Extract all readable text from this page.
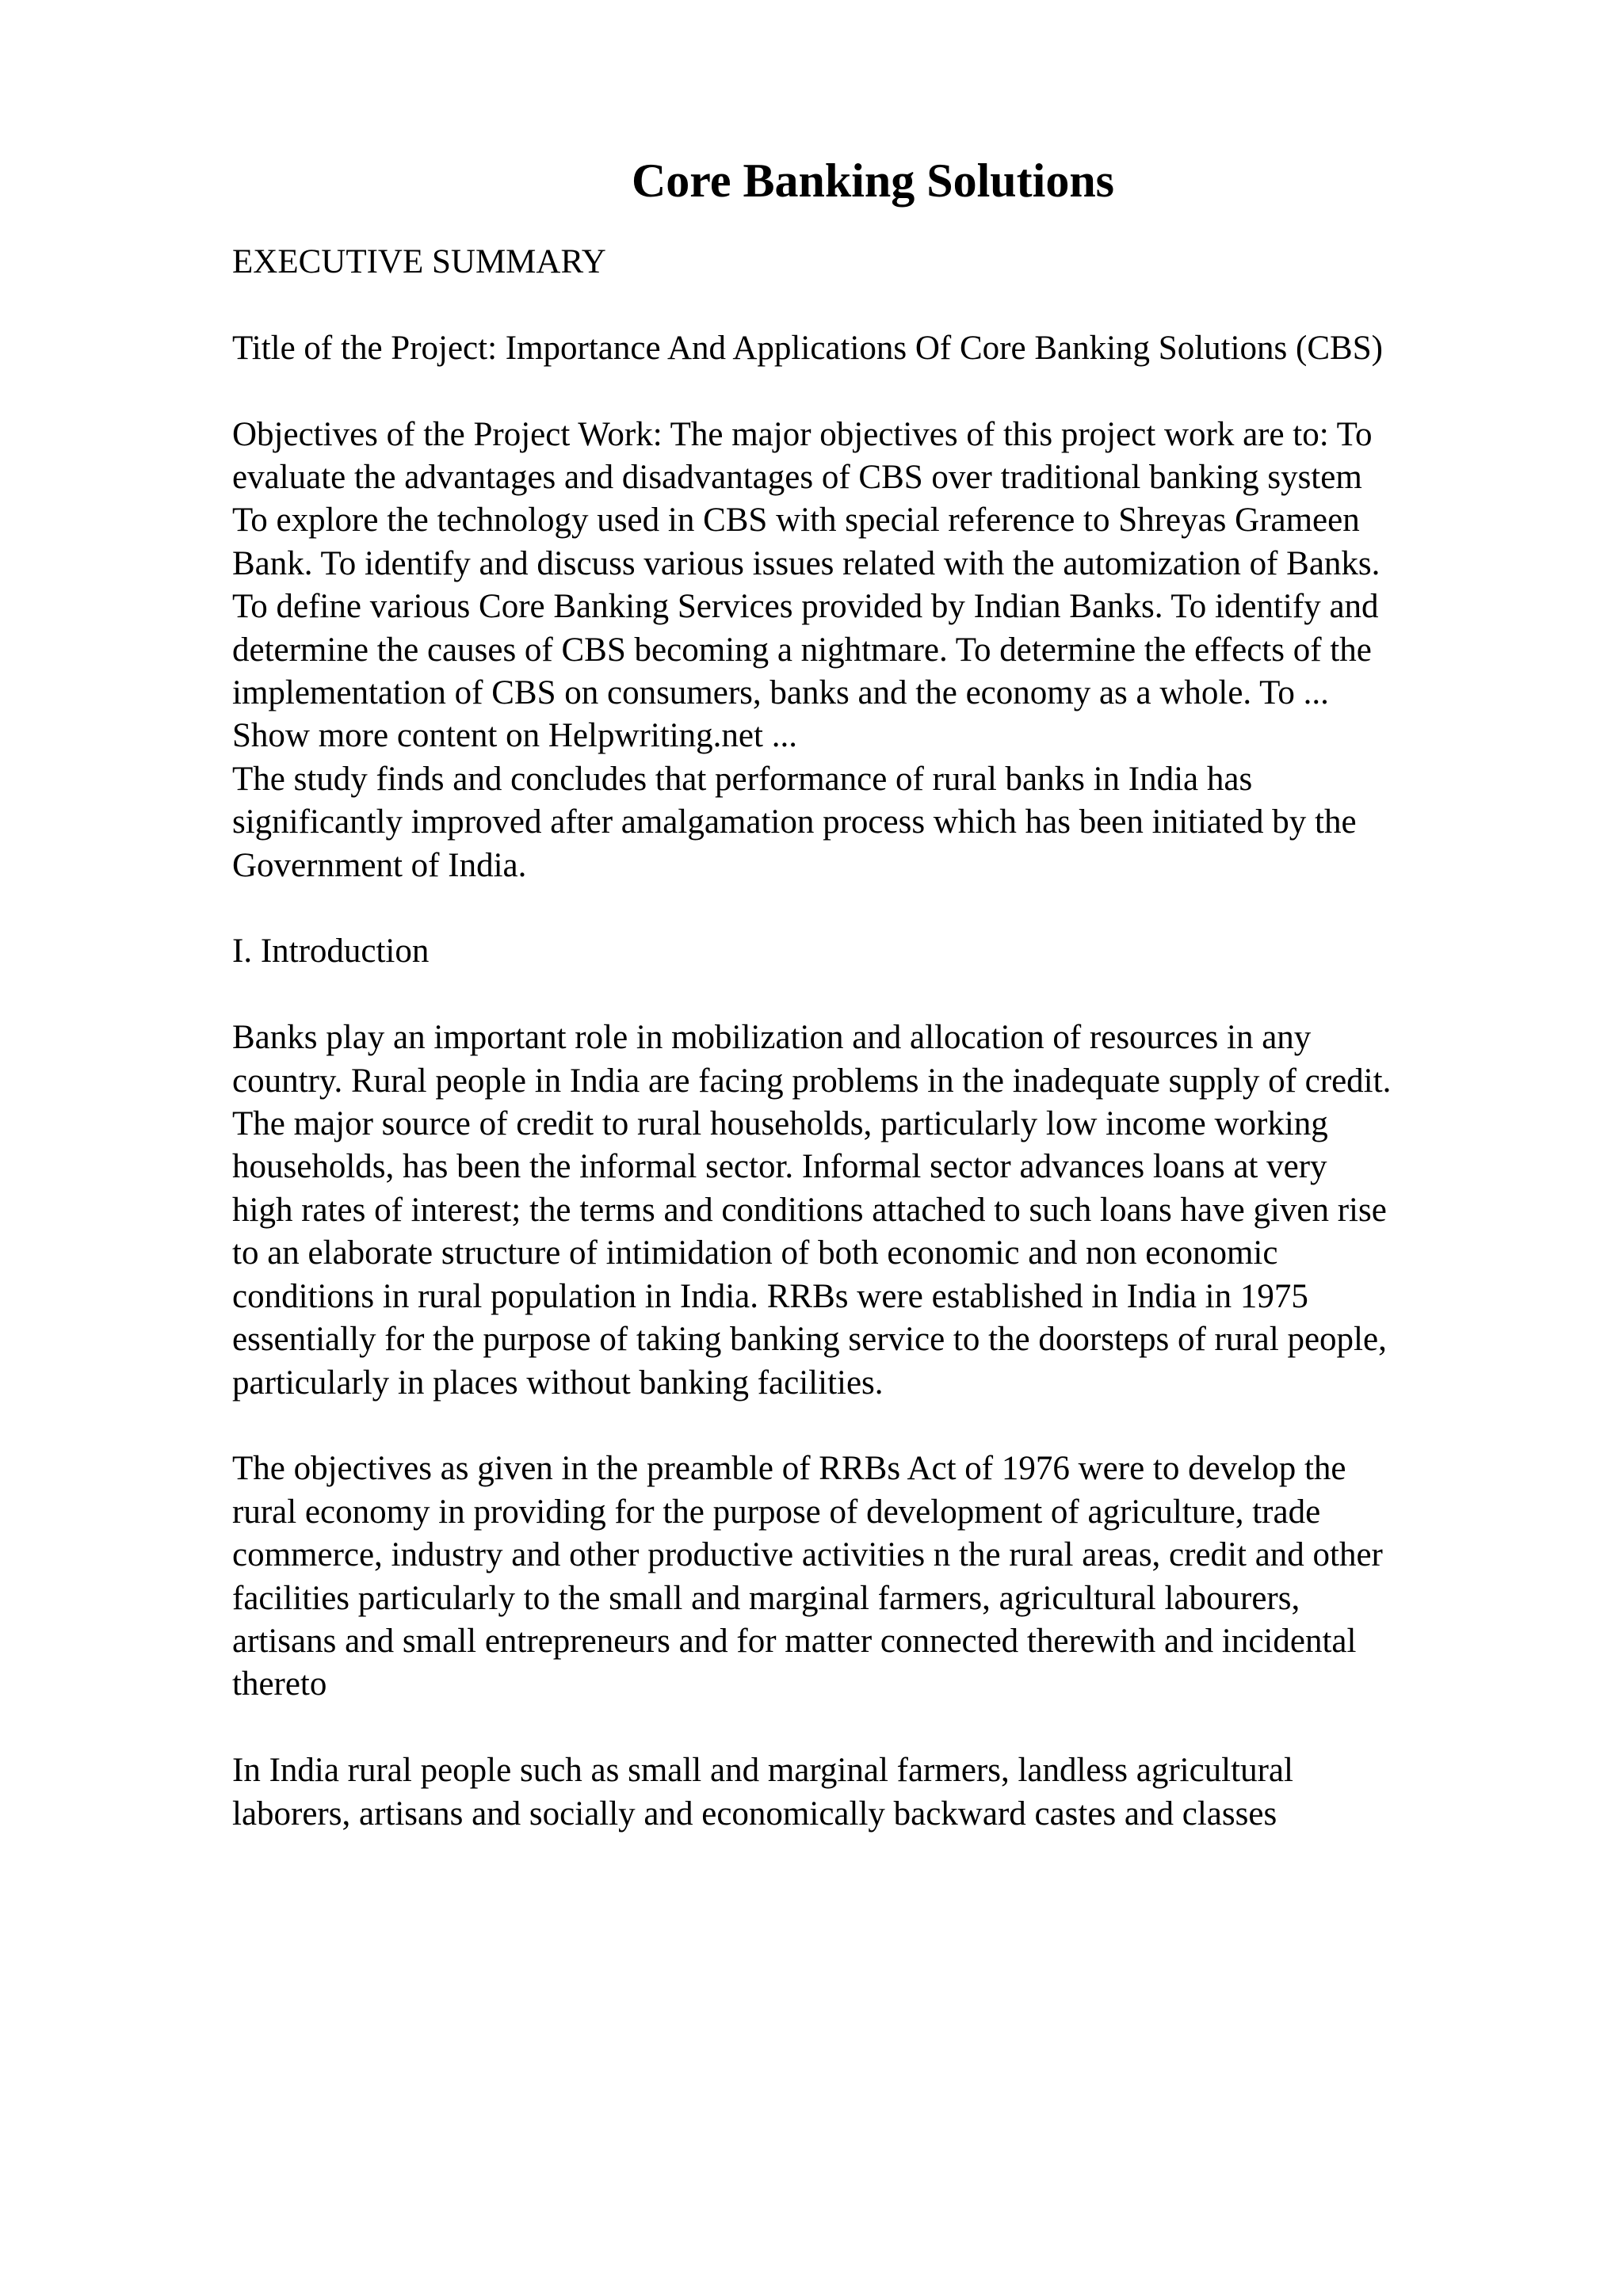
Core Banking Solutions

EXECUTIVE SUMMARY

Title of the Project: Importance And Applications Of Core Banking Solutions (CBS)

Objectives of the Project Work: The major objectives of this project work are to: To
evaluate the advantages and disadvantages of CBS over traditional banking system
To explore the technology used in CBS with special reference to Shreyas Grameen
Bank. To identify and discuss various issues related with the automization of Banks.
To define various Core Banking Services provided by Indian Banks. To identify and
determine the causes of CBS becoming a nightmare. To determine the effects of the
implementation of CBS on consumers, banks and the economy as a whole. To ...
Show more content on Helpwriting.net ...

The study finds and concludes that performance of rural banks in India has
significantly improved after amalgamation process which has been initiated by the
Government of India.

I. Introduction

Banks play an important role in mobilization and allocation of resources in any
country. Rural people in India are facing problems in the inadequate supply of credit.
The major source of credit to rural households, particularly low income working
households, has been the informal sector. Informal sector advances loans at very
high rates of interest; the terms and conditions attached to such loans have given rise
to an elaborate structure of intimidation of both economic and non economic
conditions in rural population in India. RRBs were established in India in 1975
essentially for the purpose of taking banking service to the doorsteps of rural people,
particularly in places without banking facilities.

The objectives as given in the preamble of RRBs Act of 1976 were to develop the
rural economy in providing for the purpose of development of agriculture, trade
commerce, industry and other productive activities n the rural areas, credit and other
facilities particularly to the small and marginal farmers, agricultural labourers,
artisans and small entrepreneurs and for matter connected therewith and incidental
thereto

In India rural people such as small and marginal farmers, landless agricultural
laborers, artisans and socially and economically backward castes and classes
